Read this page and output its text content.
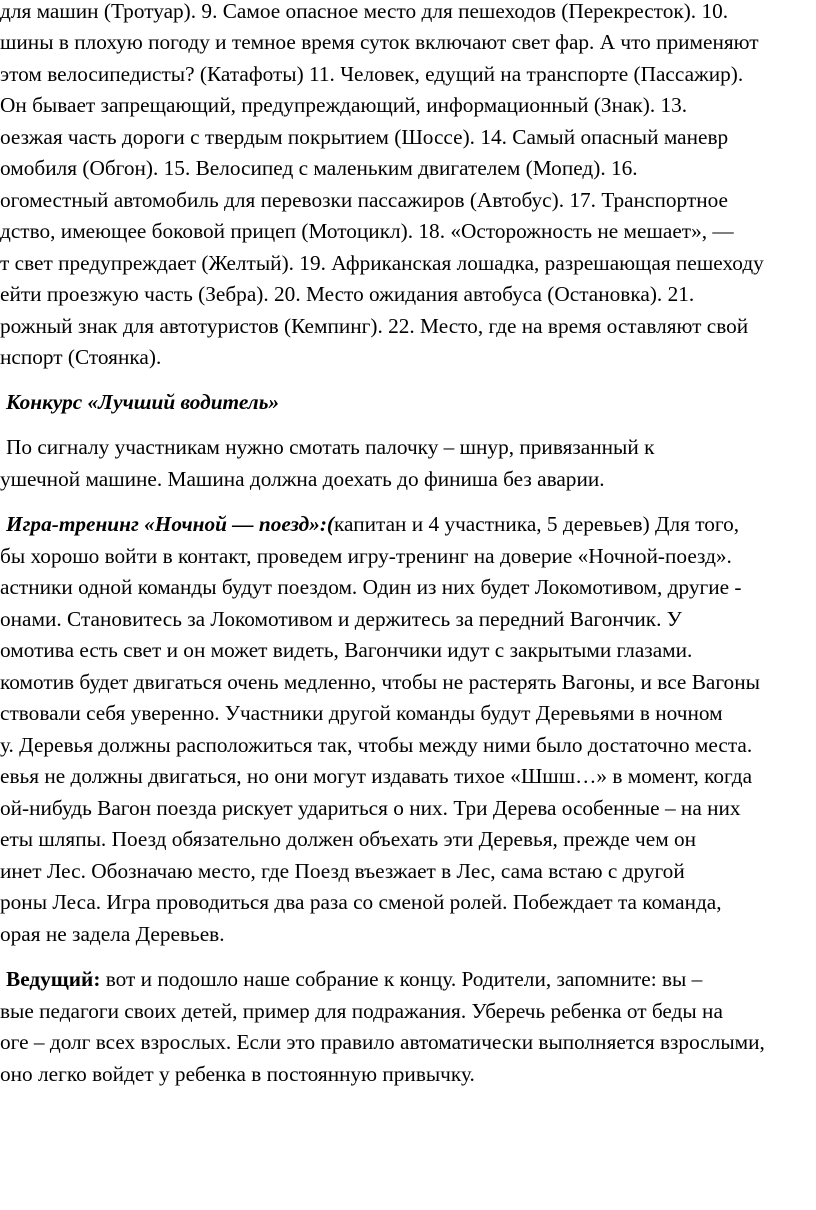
для машин (Тротуар). 9. Самое опасное место для пешеходов (Перекресток). 10.
шины в плохую погоду и темное время суток включают свет фар. А что применяют
этом велосипедисты? (Катафоты) 11. Человек, едущий на транспорте (Пассажир).
Он бывает запрещающий, предупреждающий, информационный (Знак). 13.
оезжая часть дороги с твердым покрытием (Шоссе). 14. Самый опасный маневр
омобиля (Обгон). 15. Велосипед с маленьким двигателем (Мопед). 16.
огоместный автомобиль для перевозки пассажиров (Автобус). 17. Транспортное
дство, имеющее боковой прицеп (Мотоцикл). 18. «Осторожность не мешает», —
т свет предупреждает (Желтый). 19. Африканская лошадка, разрешающая пешеходу
ейти проезжую часть (Зебра). 20. Место ожидания автобуса (Остановка). 21.
рожный знак для автотуристов (Кемпинг). 22. Место, где на время оставляют свой
нспорт (Стоянка).
Конкурс «Лучший водитель»
По сигналу участникам нужно смотать палочку – шнур, привязанный к
ушечной машине. Машина должна доехать до финиша без аварии.
Игра-тренинг «Ночной — поезд»:(капитан и 4 участника, 5 деревьев) Для того,
бы хорошо войти в контакт, проведем игру-тренинг на доверие «Ночной-поезд».
астники одной команды будут поездом. Один из них будет Локомотивом, другие -
онами. Становитесь за Локомотивом и держитесь за передний Вагончик. У
омотива есть свет и он может видеть, Вагончики идут с закрытыми глазами.
комотив будет двигаться очень медленно, чтобы не растерять Вагоны, и все Вагоны
ствовали себя уверенно. Участники другой команды будут Деревьями в ночном
у. Деревья должны расположиться так, чтобы между ними было достаточно места.
евья не должны двигаться, но они могут издавать тихое «Шшш…» в момент, когда
ой-нибудь Вагон поезда рискует удариться о них. Три Дерева особенные – на них
еты шляпы. Поезд обязательно должен объехать эти Деревья, прежде чем он
инет Лес. Обозначаю место, где Поезд въезжает в Лес, сама встаю с другой
роны Леса. Игра проводиться два раза со сменой ролей. Побеждает та команда,
орая не задела Деревьев.
Ведущий: вот и подошло наше собрание к концу. Родители, запомните: вы –
вые педагоги своих детей, пример для подражания. Уберечь ребенка от беды на
оге – долг всех взрослых. Если это правило автоматически выполняется взрослыми,
оно легко войдет у ребенка в постоянную привычку.
